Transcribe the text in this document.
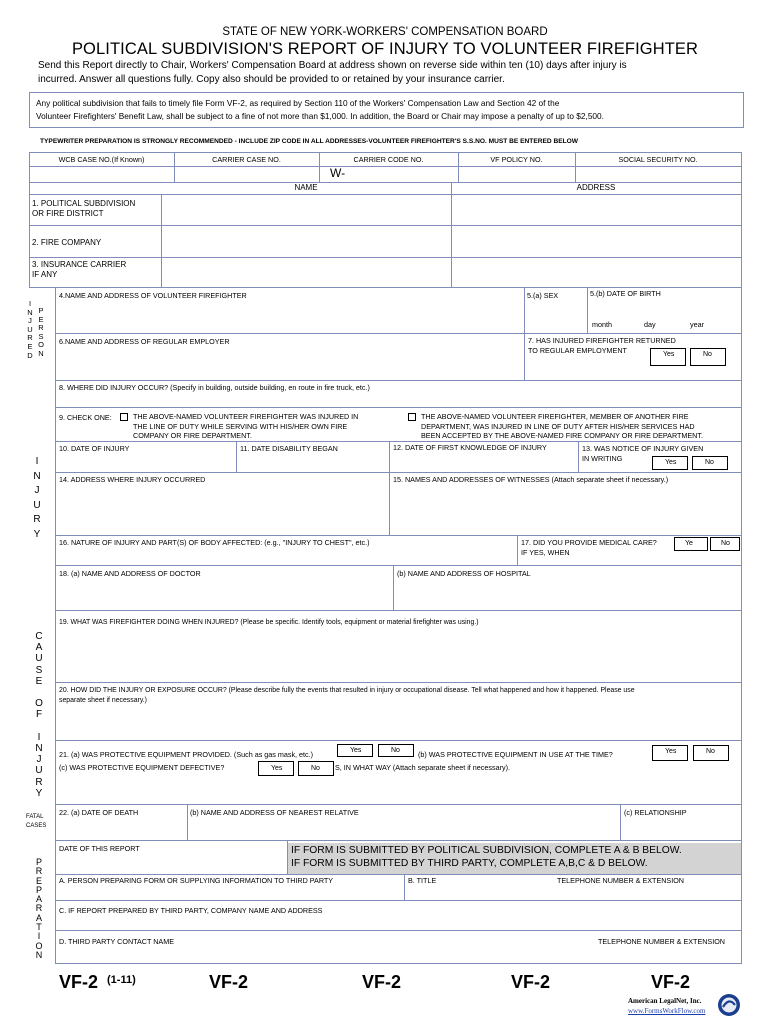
STATE OF NEW YORK-WORKERS' COMPENSATION BOARD
POLITICAL SUBDIVISION'S REPORT OF INJURY TO VOLUNTEER FIREFIGHTER
Send this Report directly to Chair, Workers' Compensation Board at address shown on reverse side within ten (10) days after injury is
incurred. Answer all questions fully. Copy also should be provided to or retained by your insurance carrier.
Any political subdivision that fails to timely file Form VF-2, as required by Section 110 of the Workers' Compensation Law and Section 42 of the
Volunteer Firefighters' Benefit Law, shall be subject to a fine of not more than $1,000. In addition, the Board or Chair may impose a penalty of up to $2,500.
TYPEWRITER PREPARATION IS STRONGLY RECOMMENDED - INCLUDE ZIP CODE IN ALL ADDRESSES-VOLUNTEER FIREFIGHTER'S S.S.NO. MUST BE ENTERED BELOW
WCB CASE NO.(If Known)	CARRIER CASE NO.	CARRIER CODE NO.	VF POLICY NO.	SOCIAL SECURITY NO.
W-
NAME	ADDRESS
1. POLITICAL SUBDIVISION
OR FIRE DISTRICT
2. FIRE COMPANY
3. INSURANCE CARRIER
IF ANY
I
N
J
U
R
E
D
P
E
R
S
O
N
4.NAME AND ADDRESS OF VOLUNTEER FIREFIGHTER	5.(a) SEX	5.(b) DATE OF BIRTH
month	day	year
6.NAME AND ADDRESS OF REGULAR EMPLOYER	7. HAS INJURED FIREFIGHTER RETURNED
TO REGULAR EMPLOYMENT	Yes	No
I
N
J
U
R
Y
8. WHERE DID INJURY OCCUR? (Specify in building, outside building, en route in fire truck, etc.)
9. CHECK ONE:	THE ABOVE-NAMED VOLUNTEER FIREFIGHTER WAS INJURED IN
THE LINE OF DUTY WHILE SERVING WITH HIS/HER OWN FIRE
COMPANY OR FIRE DEPARTMENT.
THE ABOVE-NAMED VOLUNTEER FIREFIGHTER, MEMBER OF ANOTHER FIRE
DEPARTMENT, WAS INJURED IN LINE OF DUTY AFTER HIS/HER SERVICES HAD
BEEN ACCEPTED BY THE ABOVE-NAMED FIRE COMPANY OR FIRE DEPARTMENT.
10. DATE OF INJURY	11. DATE DISABILITY BEGAN	12. DATE OF FIRST KNOWLEDGE OF INJURY	13. WAS NOTICE OF INJURY GIVEN
IN WRITING	Yes	No
14. ADDRESS WHERE INJURY OCCURRED	15. NAMES AND ADDRESSES OF WITNESSES (Attach separate sheet if necessary.)
16. NATURE OF INJURY AND PART(S) OF BODY AFFECTED: (e.g., "INJURY TO CHEST", etc.)	17. DID YOU PROVIDE MEDICAL CARE?
IF YES, WHEN
Ye	No
18. (a) NAME AND ADDRESS OF DOCTOR	(b) NAME AND ADDRESS OF HOSPITAL
C
A
U
S
E

O
F

I
N
J
U
R
Y
19. WHAT WAS FIREFIGHTER DOING WHEN INJURED? (Please be specific. Identify tools, equipment or material firefighter was using.)
20. HOW DID THE INJURY OR EXPOSURE OCCUR? (Please describe fully the events that resulted in injury or occupational disease. Tell what happened and how it happened. Please use
separate sheet if necessary.)
21. (a) WAS PROTECTIVE EQUIPMENT PROVIDED. (Such as gas mask, etc.)	Yes	No	(b) WAS PROTECTIVE EQUIPMENT IN USE AT THE TIME?	Yes	No
(c) WAS PROTECTIVE EQUIPMENT DEFECTIVE?	Yes	No	S, IN WHAT WAY (Attach separate sheet if necessary).
FATAL
CASES
22. (a) DATE OF DEATH	(b) NAME AND ADDRESS OF NEAREST RELATIVE	(c) RELATIONSHIP
P
R
E
P
A
R
A
T
I
O
N
IF FORM IS SUBMITTED BY POLITICAL SUBDIVISION, COMPLETE A & B BELOW.
IF FORM IS SUBMITTED BY THIRD PARTY, COMPLETE A,B,C & D BELOW.
DATE OF THIS REPORT
A. PERSON PREPARING FORM OR SUPPLYING INFORMATION TO THIRD PARTY	B. TITLE	TELEPHONE NUMBER & EXTENSION
C. IF REPORT PREPARED BY THIRD PARTY, COMPANY NAME AND ADDRESS
D. THIRD PARTY CONTACT NAME	TELEPHONE NUMBER & EXTENSION
VF-2 (1-11)	VF-2	VF-2	VF-2	VF-2
American LegalNet, Inc.
www.FormsWorkFlow.com
